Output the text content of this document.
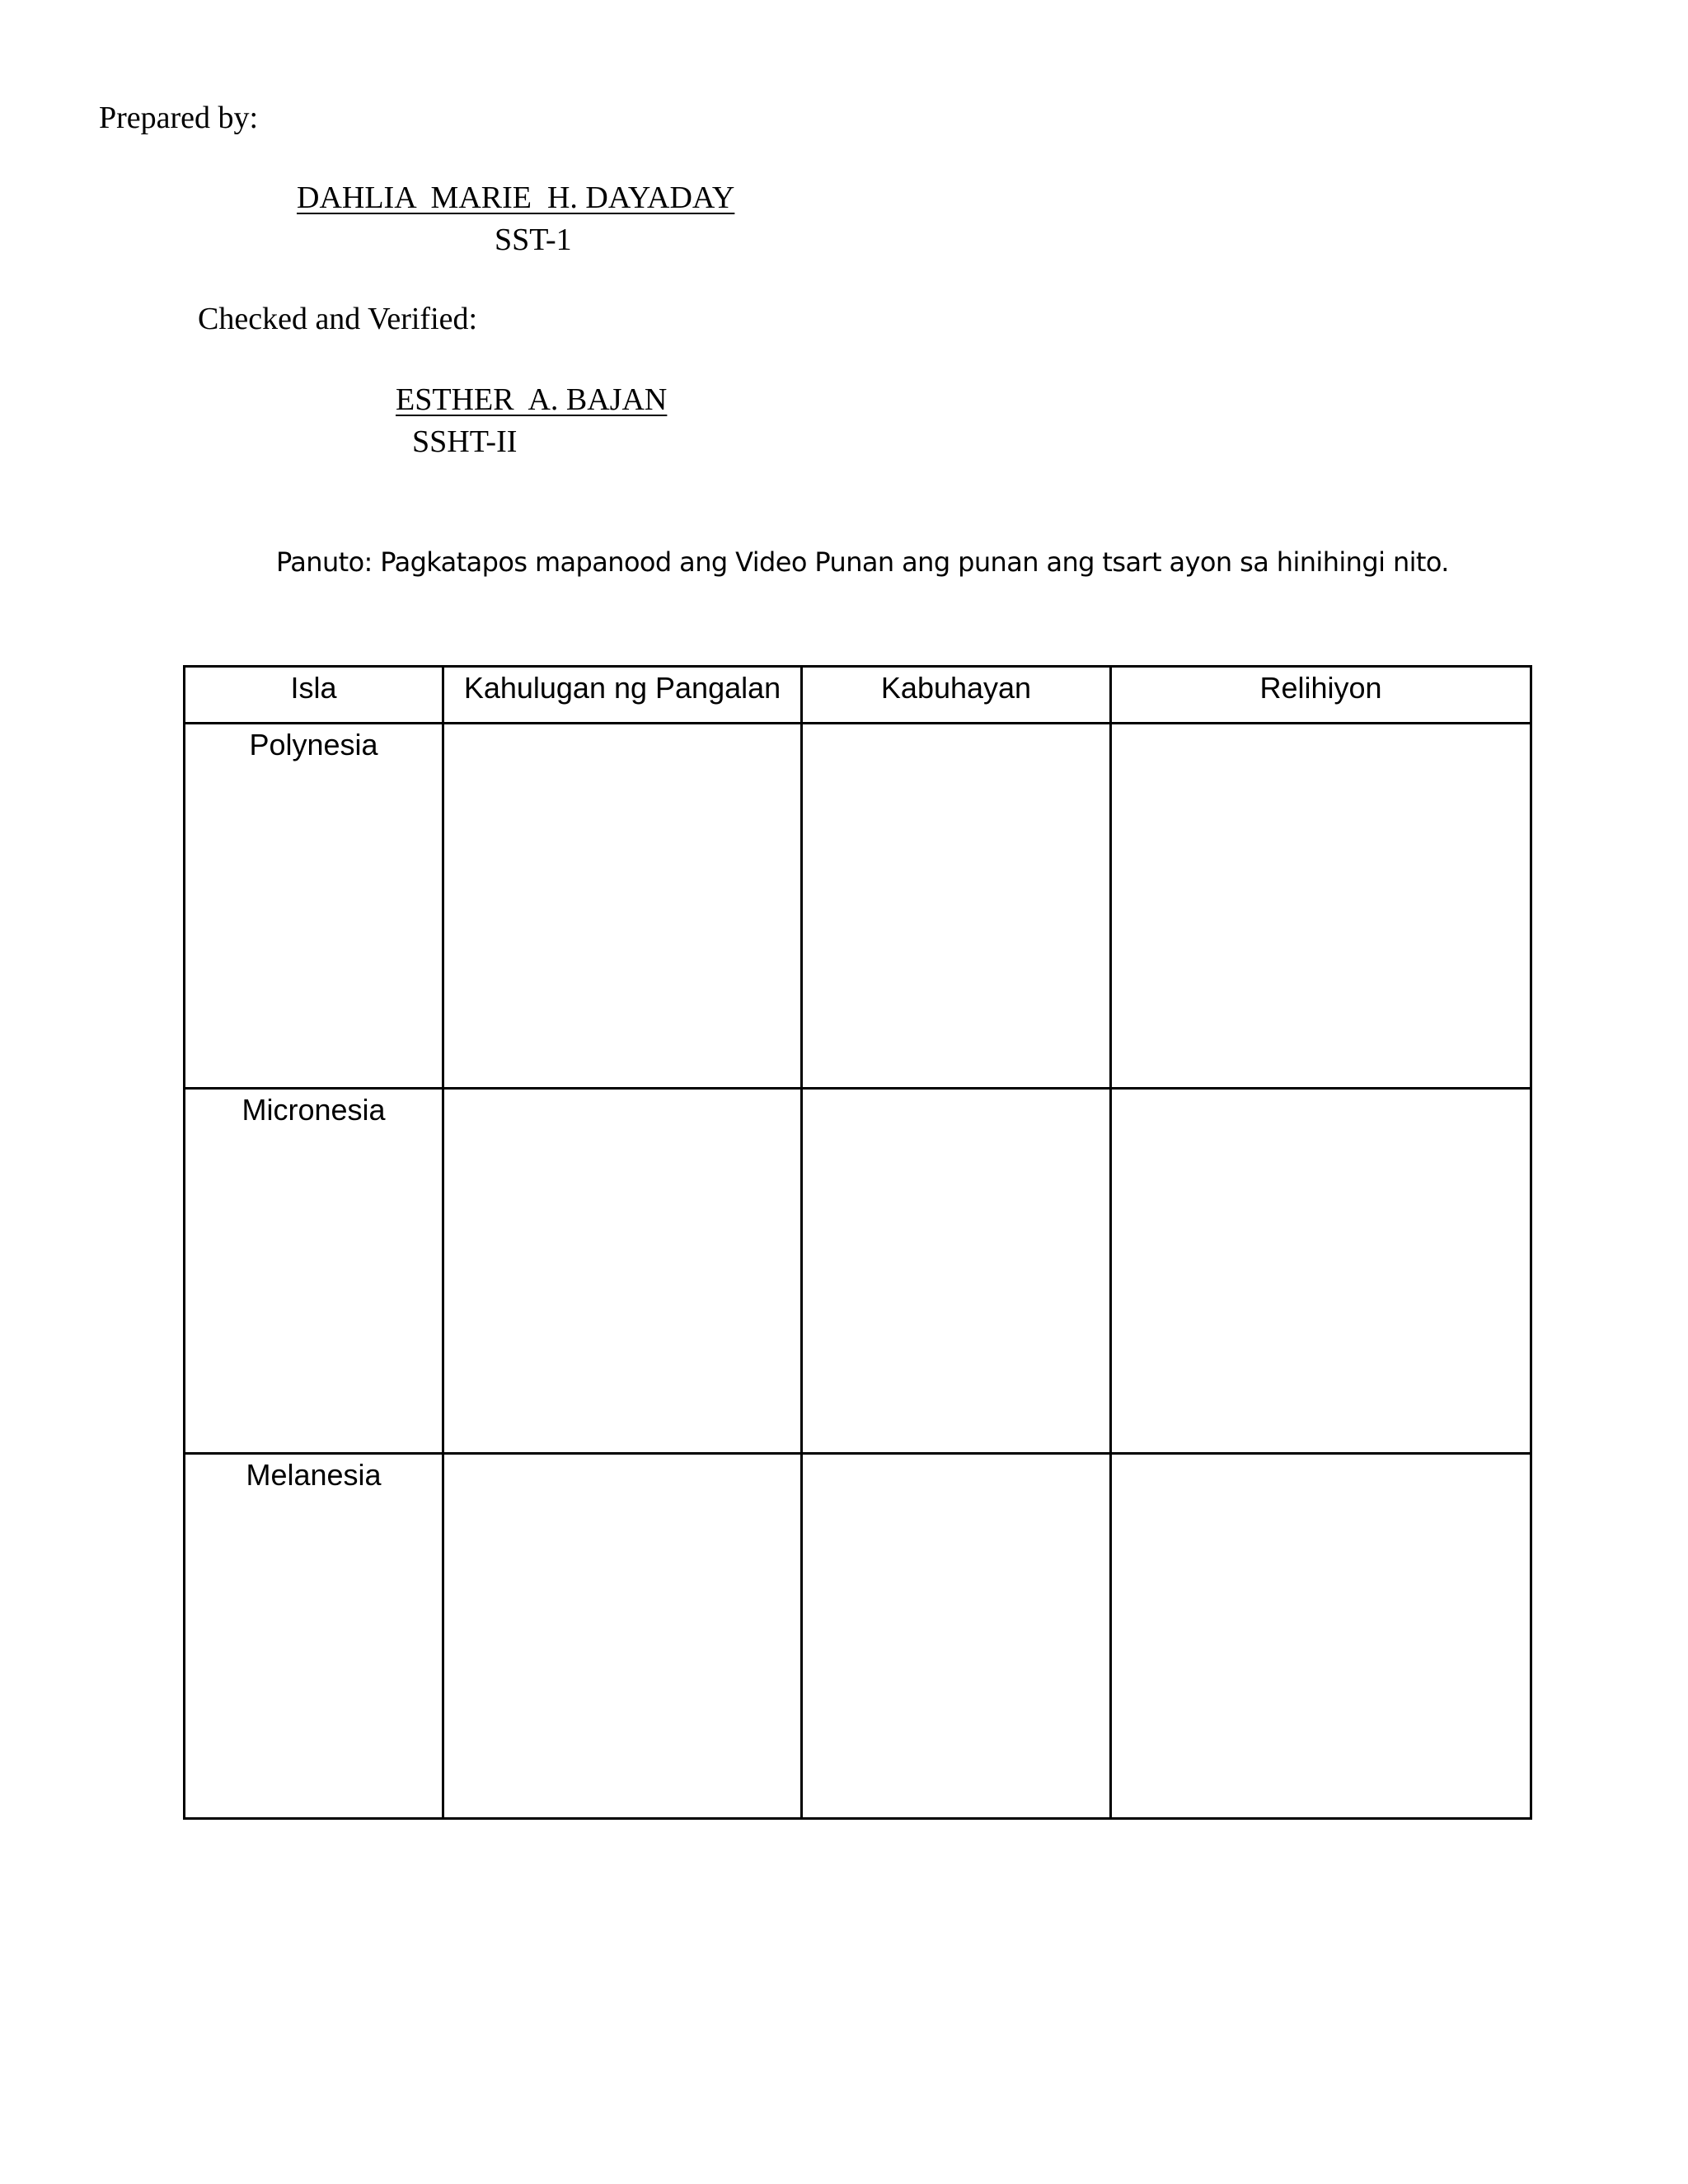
Prepared by:
DAHLIA  MARIE  H. DAYADAY
SST-1
Checked and Verified:
ESTHER  A. BAJAN
SSHT-II
Panuto: Pagkatapos mapanood ang Video Punan ang punan ang tsart ayon sa hinihingi nito.
Isla	Kahulugan ng Pangalan	Kabuhayan	Relihiyon
Polynesia			
Micronesia			
Melanesia			
